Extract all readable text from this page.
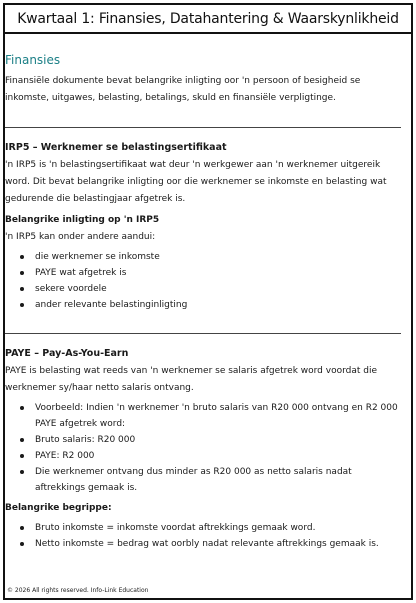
Kwartaal 1: Finansies, Datahantering & Waarskynlikheid
Finansies

Finansiële dokumente bevat belangrike inligting oor 'n persoon of besigheid se inkomste, uitgawes, belasting, betalings, skuld en finansiële verpligtinge.

IRP5 – Werknemer se belastingsertifikaat

'n IRP5 is 'n belastingsertifikaat wat deur 'n werkgewer aan 'n werknemer uitgereik word. Dit bevat belangrike inligting oor die werknemer se inkomste en belasting wat gedurende die belastingjaar afgetrek is.

Belangrike inligting op 'n IRP5

'n IRP5 kan onder andere aandui:

die werknemer se inkomste
PAYE wat afgetrek is
sekere voordele
ander relevante belastinginligting
PAYE – Pay-As-You-Earn

PAYE is belasting wat reeds van 'n werknemer se salaris afgetrek word voordat die werknemer sy/haar netto salaris ontvang.

Voorbeeld: Indien 'n werknemer 'n bruto salaris van R20 000 ontvang en R2 000 PAYE afgetrek word:
Bruto salaris: R20 000
PAYE: R2 000
Die werknemer ontvang dus minder as R20 000 as netto salaris nadat aftrekkings gemaak is.
Belangrike begrippe:
Bruto inkomste = inkomste voordat aftrekkings gemaak word.
Netto inkomste = bedrag wat oorbly nadat relevante aftrekkings gemaak is.
© 2026 All rights reserved. Info-Link Education
